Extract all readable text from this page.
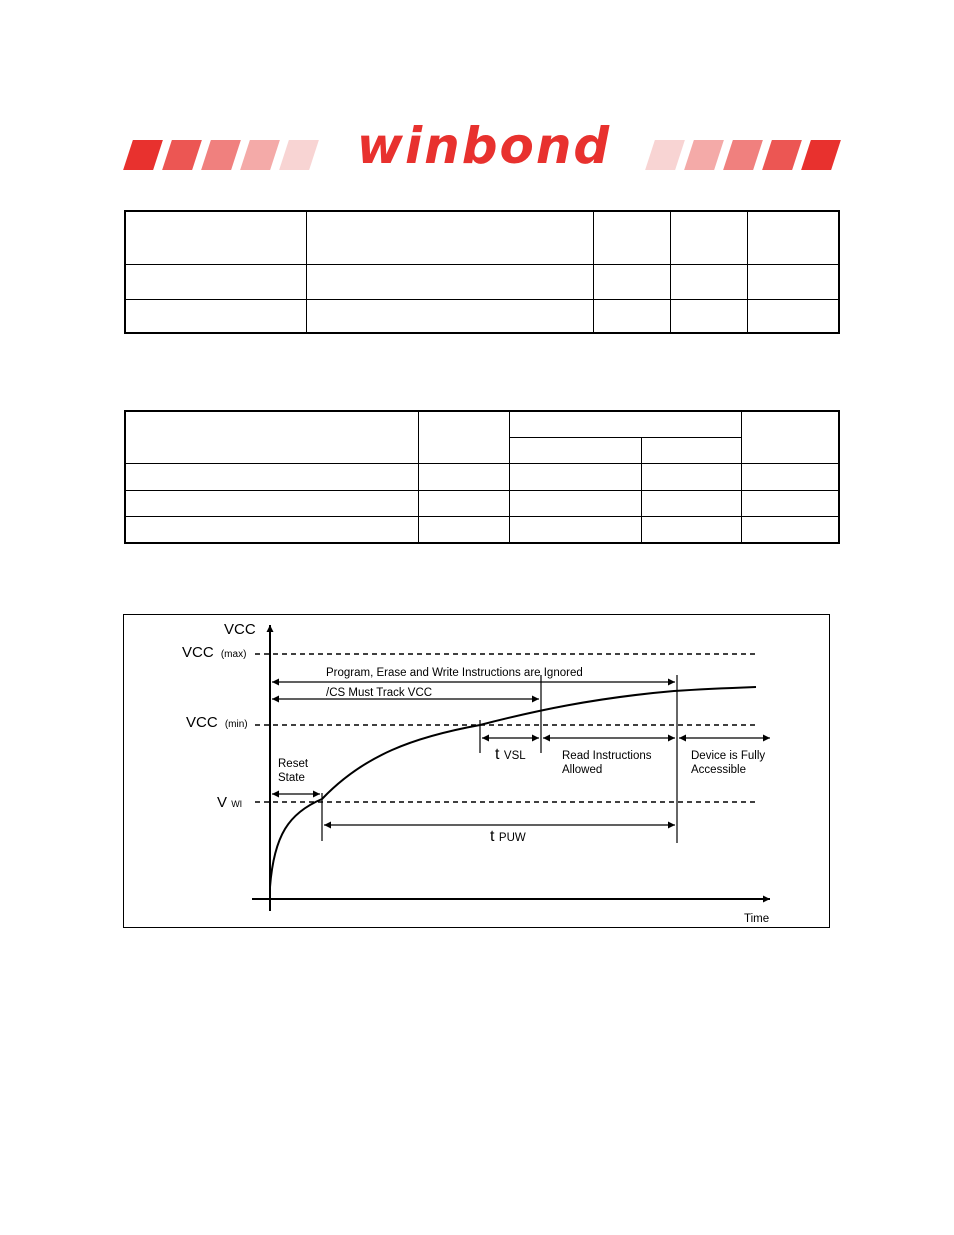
winbond

VCC
VCC (max)
VCC (min)
V WI
Program, Erase and Write Instructions are Ignored
/CS Must Track VCC
Reset State
t VSL	Read Instructions Allowed
Device is Fully Accessible
t PUW
Time
